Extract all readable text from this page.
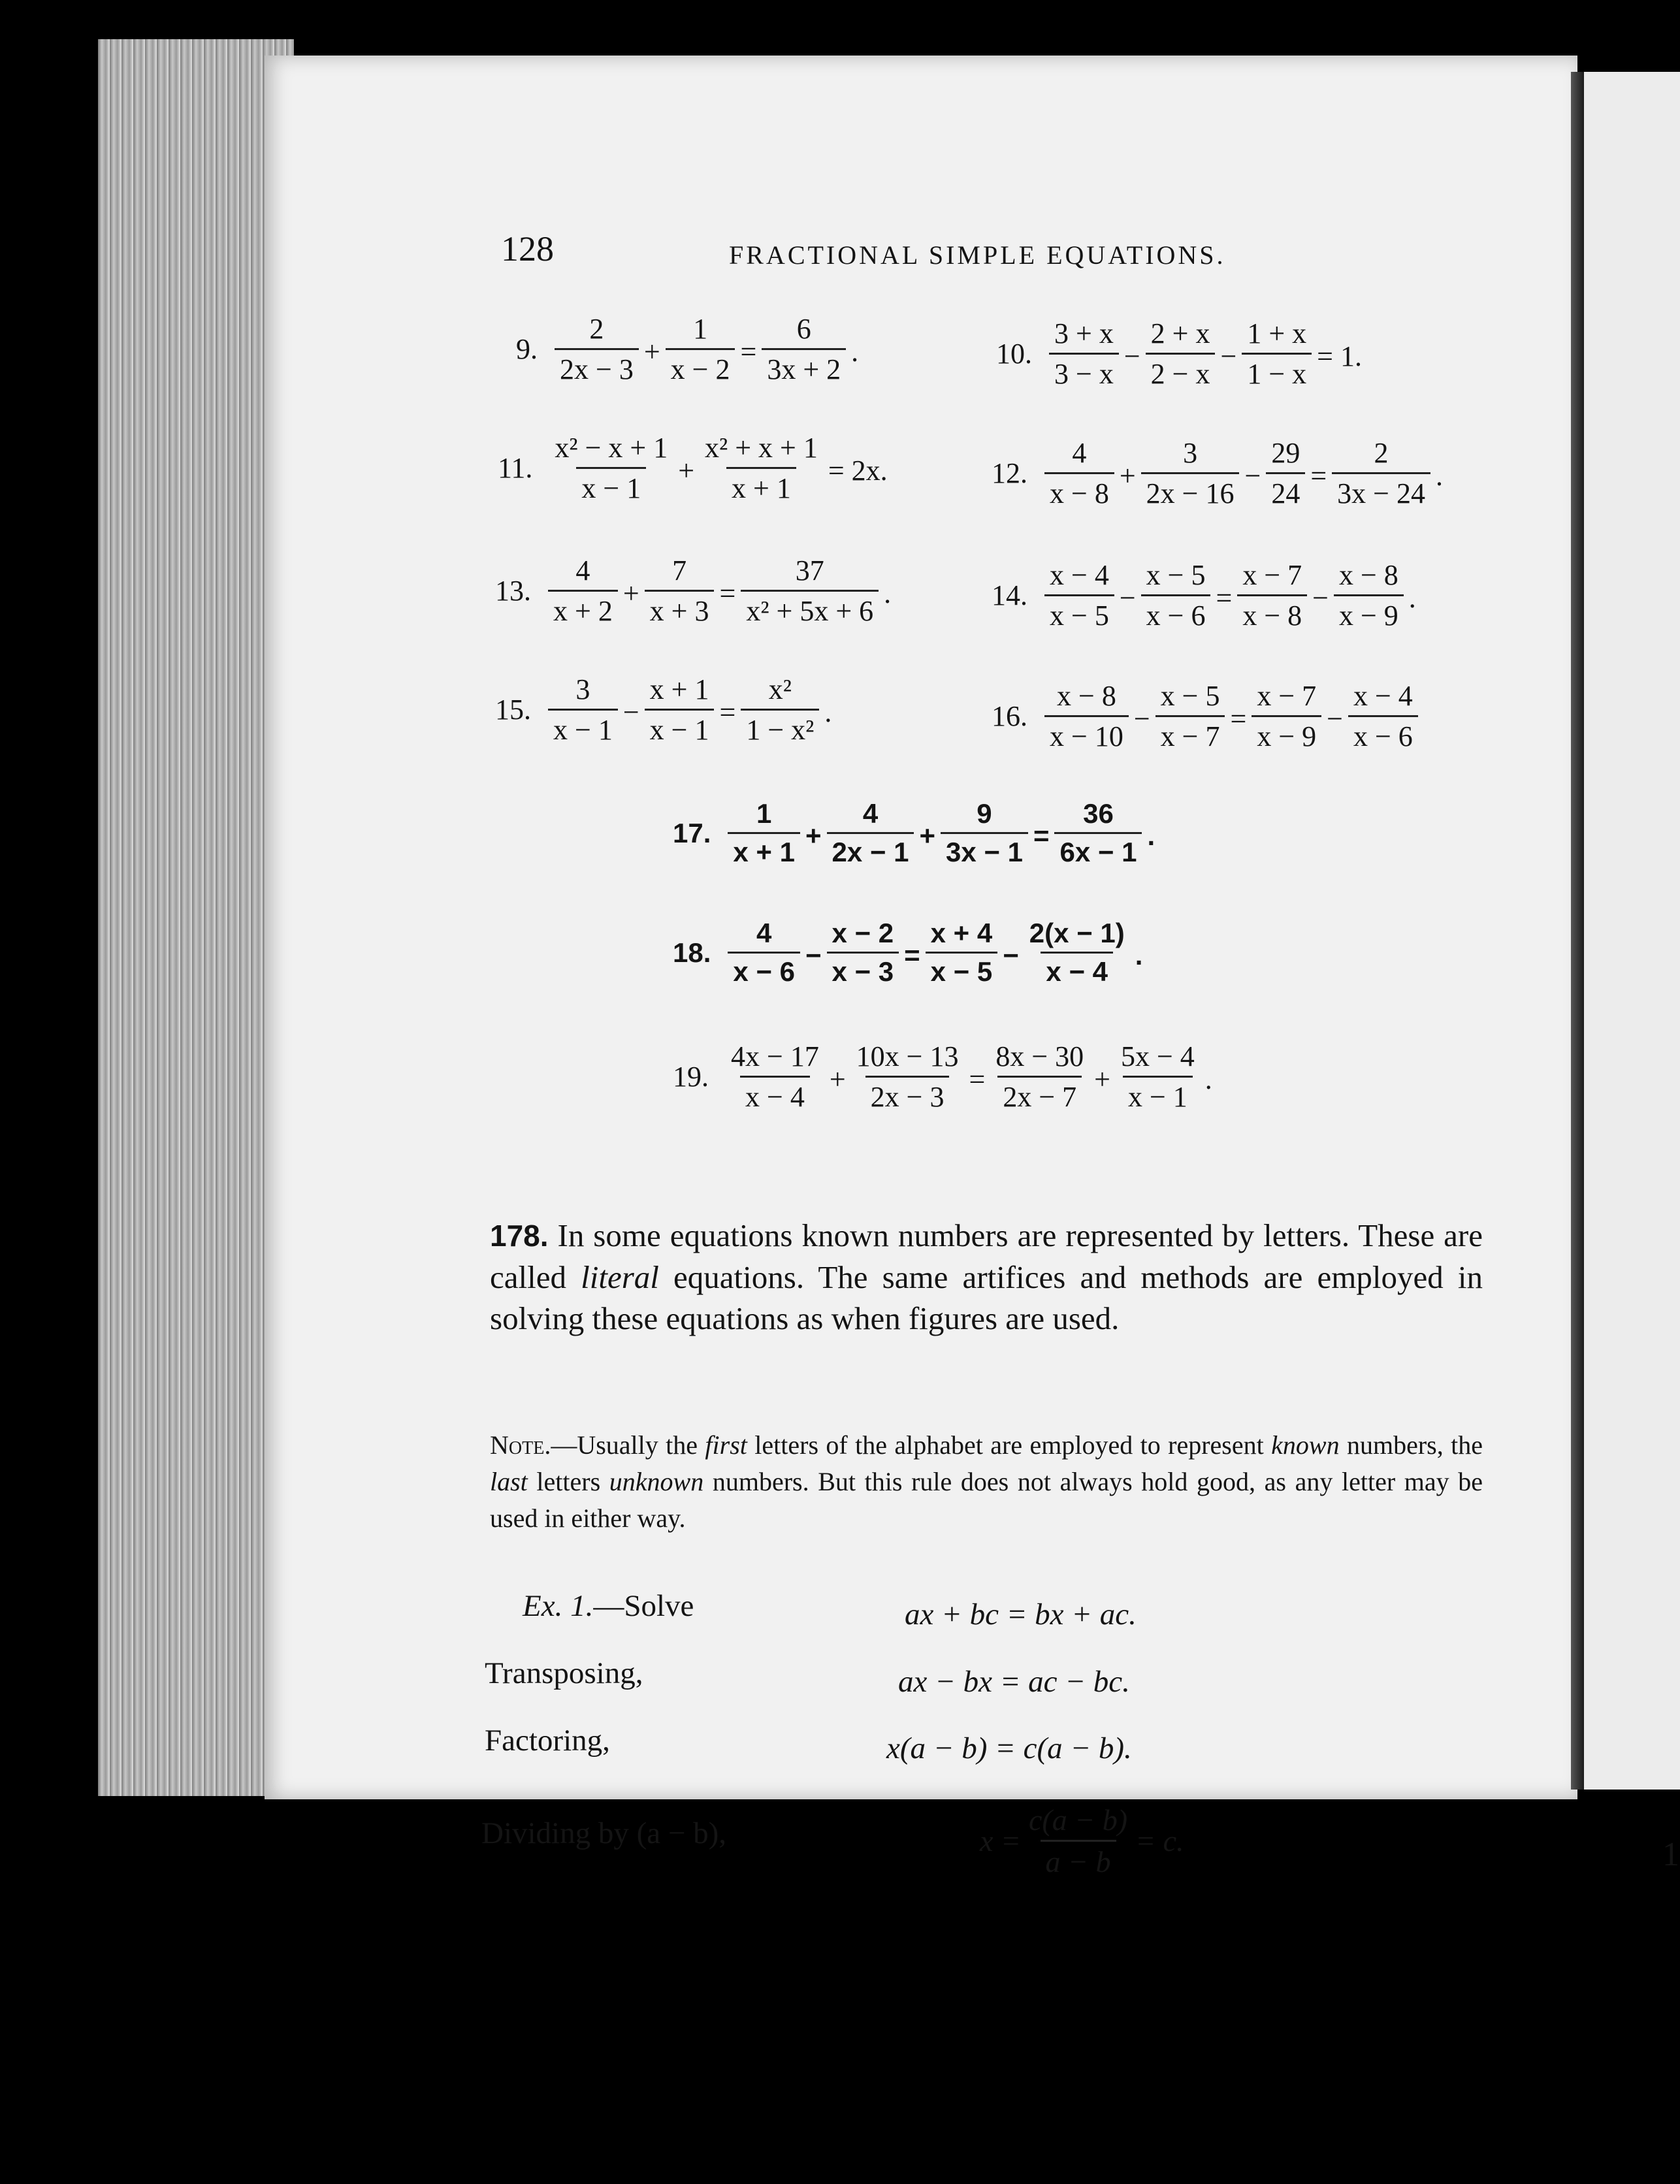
1
128	FRACTIONAL SIMPLE EQUATIONS.
9. $\frac{2}{2x - 3} + \frac{1}{x - 2} = \frac{6}{3x + 2}$ .	10. $\frac{3 + x}{3 - x} - \frac{2 + x}{2 - x} - \frac{1 + x}{1 - x} = 1$.
11. $\frac{\text{x² − x + 1}}{x - 1} + \frac{\text{x² + x + 1}}{x + 1} = 2x$.	12. $\frac{4}{x - 8} + \frac{3}{2x - 16} - \frac{29}{24} = \frac{2}{3x - 24}$ .
13. $\frac{4}{x + 2} + \frac{7}{x + 3} = \frac{37}{\text{x² + 5x + 6}}$ .	14. $\frac{x - 4}{x - 5} - \frac{x - 5}{x - 6} = \frac{x - 7}{x - 8} - \frac{x - 8}{x - 9}$ .
15. $\frac{3}{x - 1} - \frac{x + 1}{x - 1} = \frac{\text{x²}}{\text{1 − x²}}$ .	16. $\frac{x - 8}{x - 10} - \frac{x - 5}{x - 7} = \frac{x - 7}{x - 9} - \frac{x - 4}{x - 6}$
17. $\frac{1}{x + 1} + \frac{4}{2x - 1} + \frac{9}{3x - 1} = \frac{36}{6x - 1}$ .
18. $\frac{4}{x - 6} - \frac{x - 2}{x - 3} = \frac{x + 4}{x - 5} - \frac{2(x - 1)}{x - 4}$ .
19. $\frac{4x - 17}{x - 4} + \frac{10x - 13}{2x - 3} = \frac{8x - 30}{2x - 7} + \frac{5x - 4}{x - 1}$ .
178. In some equations known numbers are represented by letters. These are called literal equations. The same artifices and methods are employed in solving these equations as when figures are used.
Note.—Usually the first letters of the alphabet are employed to represent known numbers, the last letters unknown numbers. But this rule does not always hold good, as any letter may be used in either way.
Ex. 1.—Solve	ax + bc = bx + ac.
Transposing,	ax − bx = ac − bc.
Factoring,	x(a − b) = c(a − b).
Dividing by (a − b),	$x = \frac{c(a - b)}{a - b} = c$.
